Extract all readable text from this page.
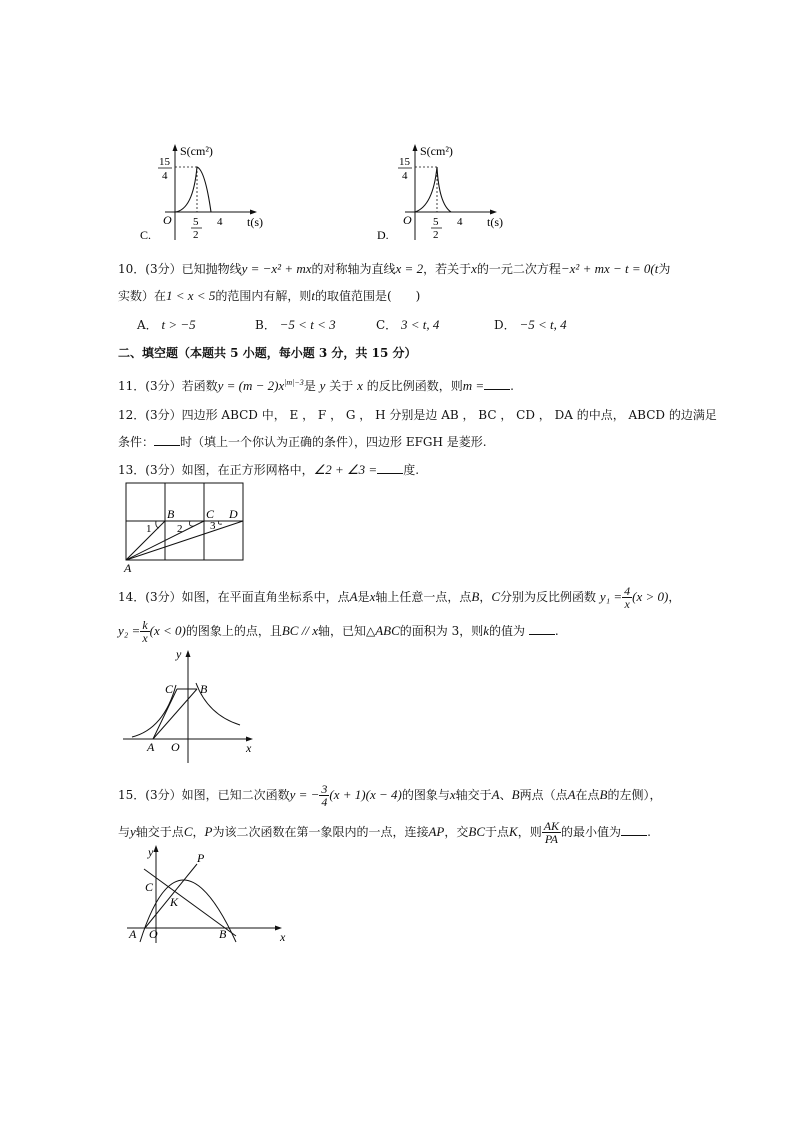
C.
S(cm²)
15
4
O 5
2
4 t(s)
D.
S(cm²)
15
4
O 5
2
4 t(s)
10．(3分）已知抛物线y = −x² + mx的对称轴为直线x = 2，若关于x的一元二次方程−x² + mx − t = 0(t为
实数）在1 < x < 5的范围内有解，则t的取值范围是(　　)
A． t > −5	B． −5 < t < 3	C． 3 < t, 4	D． −5 < t, 4
二、填空题（本题共 5 小题，每小题 3 分，共 15 分）
11．(3分）若函数$y = (m - 2)x^{|m|-3}$是 y 关于 x 的反比例函数，则m = .
12．(3分）四边形 ABCD 中， E ， F ， G ， H 分别是边 AB ， BC ， CD ， DA 的中点， ABCD 的边满足
条件： 时（填上一个你认为正确的条件），四边形 EFGH 是菱形.
13．(3分）如图，在正方形网格中，∠2 + ∠3 = 度.
B	C D
1 2	3
A
14．(3分）如图，在平面直角坐标系中，点A是x轴上任意一点，点B，C分别为反比例函数 $y_1 = \frac{4}{x} (x > 0)$，
$y_2 = \frac{k}{x} (x < 0)$的图象上的点，且BC // x轴，已知△ABC的面积为 3，则k的值为 .
y
x
C B
A O
15．(3分）如图，已知二次函数y = − $\frac{3}{4} (x + 1)(x - 4)$的图象与x轴交于A、B两点（点A在点B的左侧），
与y轴交于点C，P为该二次函数在第一象限内的一点，连接AP，交BC于点K，则 $\frac{AK}{PA}$ 的最小值为 .
y
x
P
C
K
A O	B
